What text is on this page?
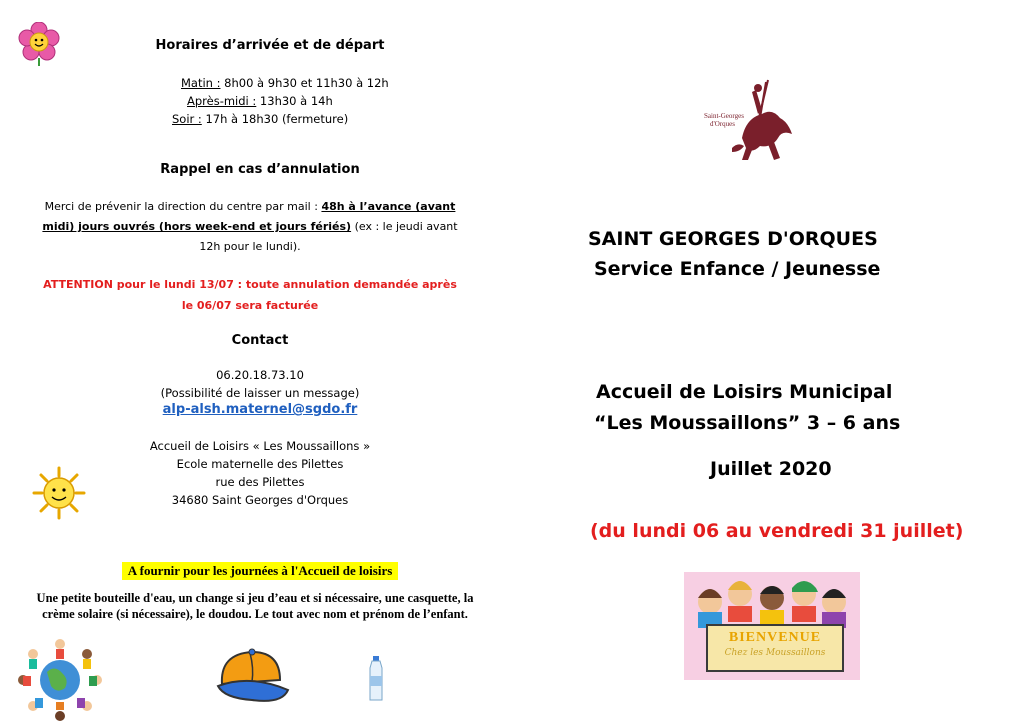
Horaires d’arrivée et de départ
Matin : 8h00 à 9h30 et 11h30 à 12h
Après-midi : 13h30 à 14h
Soir : 17h à 18h30 (fermeture)
Rappel en cas d’annulation
Merci de prévenir la direction du centre par mail : 48h à l’avance (avant
midi) jours ouvrés (hors week-end et jours fériés) (ex : le jeudi avant
12h pour le lundi).
ATTENTION pour le lundi 13/07 : toute annulation demandée après
le 06/07 sera facturée
Contact
06.20.18.73.10
(Possibilité de laisser un message)
alp-alsh.maternel@sgdo.fr
Accueil de Loisirs « Les Moussaillons »
Ecole maternelle des Pilettes
rue des Pilettes
34680 Saint Georges d'Orques
A fournir pour les journées à l'Accueil de loisirs
Une petite bouteille d'eau, un change si jeu d’eau et si nécessaire, une casquette, la
crème solaire (si nécessaire), le doudou. Le tout avec nom et prénom de l’enfant.
Saint-Georges
d'Orques
SAINT GEORGES D'ORQUES
Service Enfance / Jeunesse
Accueil de Loisirs Municipal
“Les Moussaillons” 3 – 6 ans
Juillet 2020
(du lundi 06 au vendredi 31 juillet)
BIENVENUE
Chez les Moussaillons
